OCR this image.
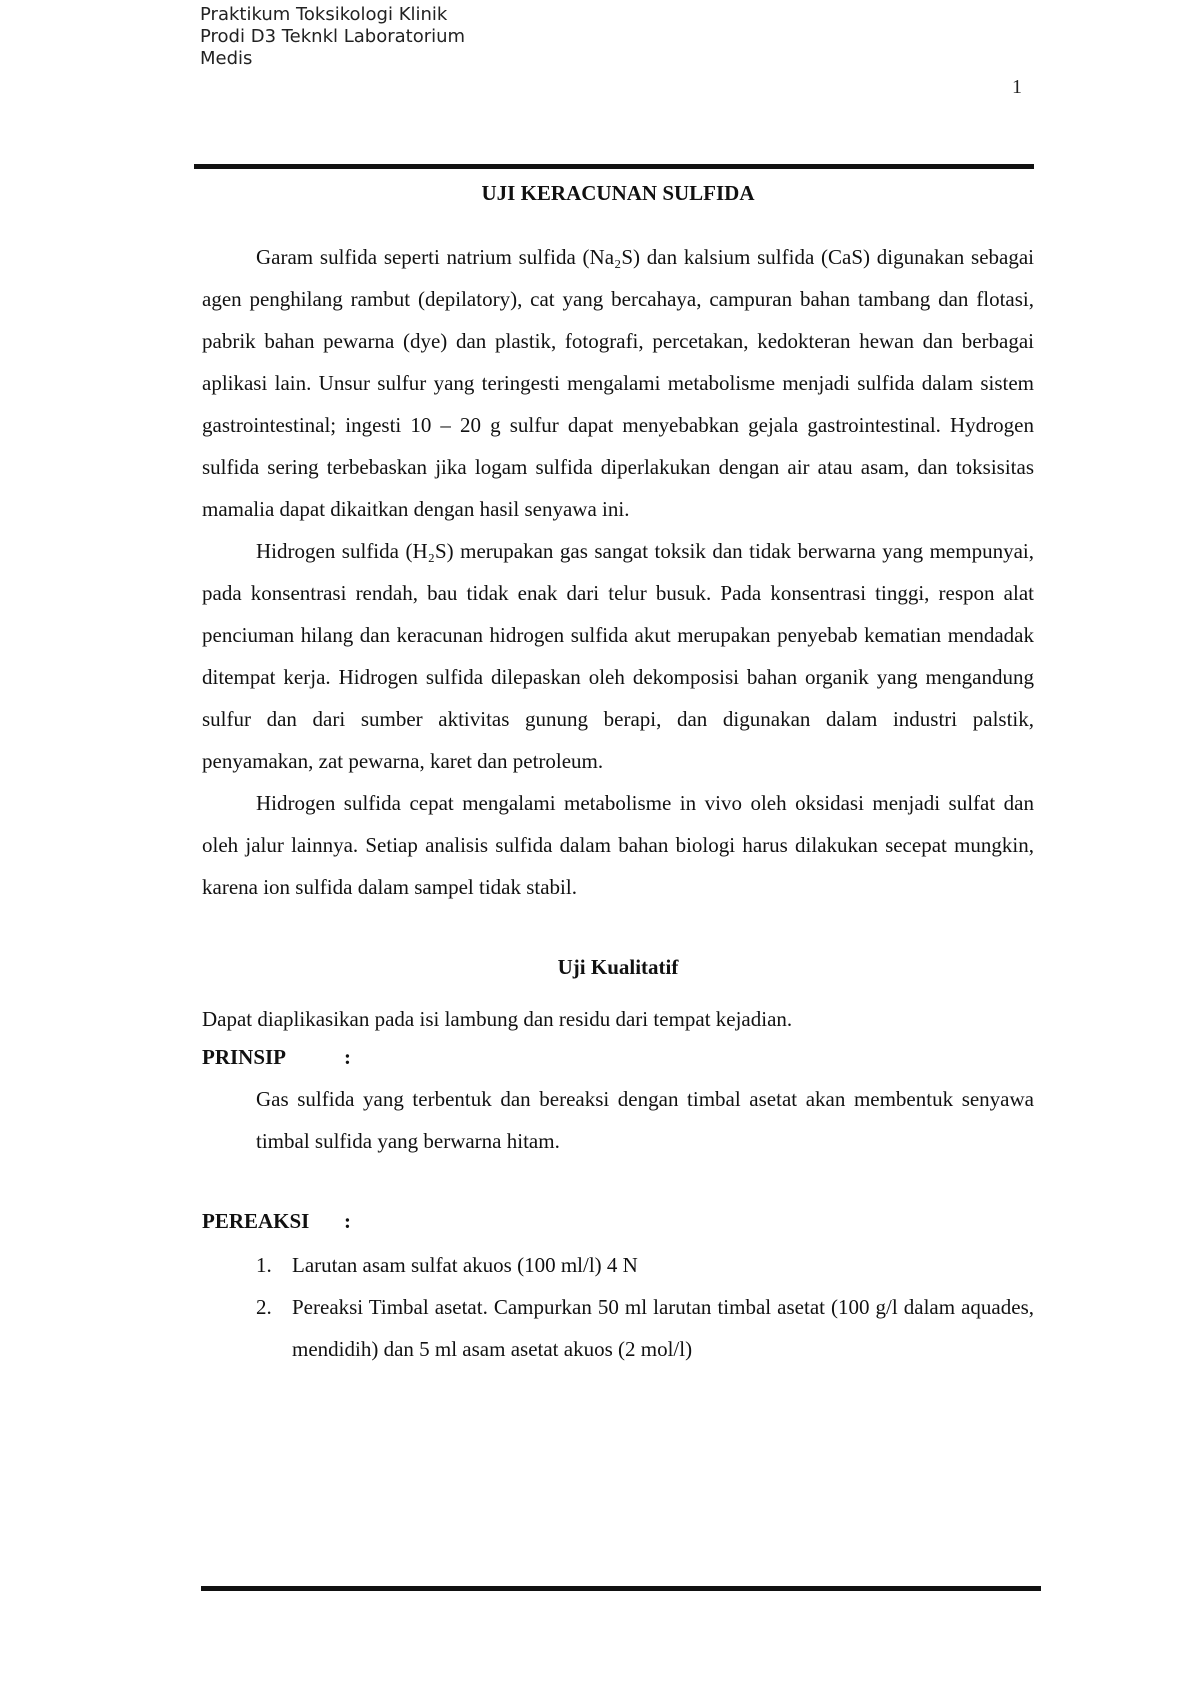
Praktikum Toksikologi Klinik
Prodi D3 Teknkl Laboratorium
Medis
1

UJI KERACUNAN SULFIDA

Garam sulfida seperti natrium sulfida (Na₂S) dan kalsium sulfida (CaS) digunakan sebagai agen penghilang rambut (depilatory), cat yang bercahaya, campuran bahan tambang dan flotasi, pabrik bahan pewarna (dye) dan plastik, fotografi, percetakan, kedokteran hewan dan berbagai aplikasi lain. Unsur sulfur yang teringesti mengalami metabolisme menjadi sulfida dalam sistem gastrointestinal; ingesti 10 – 20 g sulfur dapat menyebabkan gejala gastrointestinal. Hydrogen sulfida sering terbebaskan jika logam sulfida diperlakukan dengan air atau asam, dan toksisitas mamalia dapat dikaitkan dengan hasil senyawa ini.

Hidrogen sulfida (H₂S) merupakan gas sangat toksik dan tidak berwarna yang mempunyai, pada konsentrasi rendah, bau tidak enak dari telur busuk. Pada konsentrasi tinggi, respon alat penciuman hilang dan keracunan hidrogen sulfida akut merupakan penyebab kematian mendadak ditempat kerja. Hidrogen sulfida dilepaskan oleh dekomposisi bahan organik yang mengandung sulfur dan dari sumber aktivitas gunung berapi, dan digunakan dalam industri palstik, penyamakan, zat pewarna, karet dan petroleum.

Hidrogen sulfida cepat mengalami metabolisme in vivo oleh oksidasi menjadi sulfat dan oleh jalur lainnya. Setiap analisis sulfida dalam bahan biologi harus dilakukan secepat mungkin, karena ion sulfida dalam sampel tidak stabil.

Uji Kualitatif

Dapat diaplikasikan pada isi lambung dan residu dari tempat kejadian.

PRINSIP	:

Gas sulfida yang terbentuk dan bereaksi dengan timbal asetat akan membentuk senyawa timbal sulfida yang berwarna hitam.

PEREAKSI	:
1. Larutan asam sulfat akuos (100 ml/l) 4 N
2. Pereaksi Timbal asetat. Campurkan 50 ml larutan timbal asetat (100 g/l dalam aquades, mendidih) dan 5 ml asam asetat akuos (2 mol/l)
